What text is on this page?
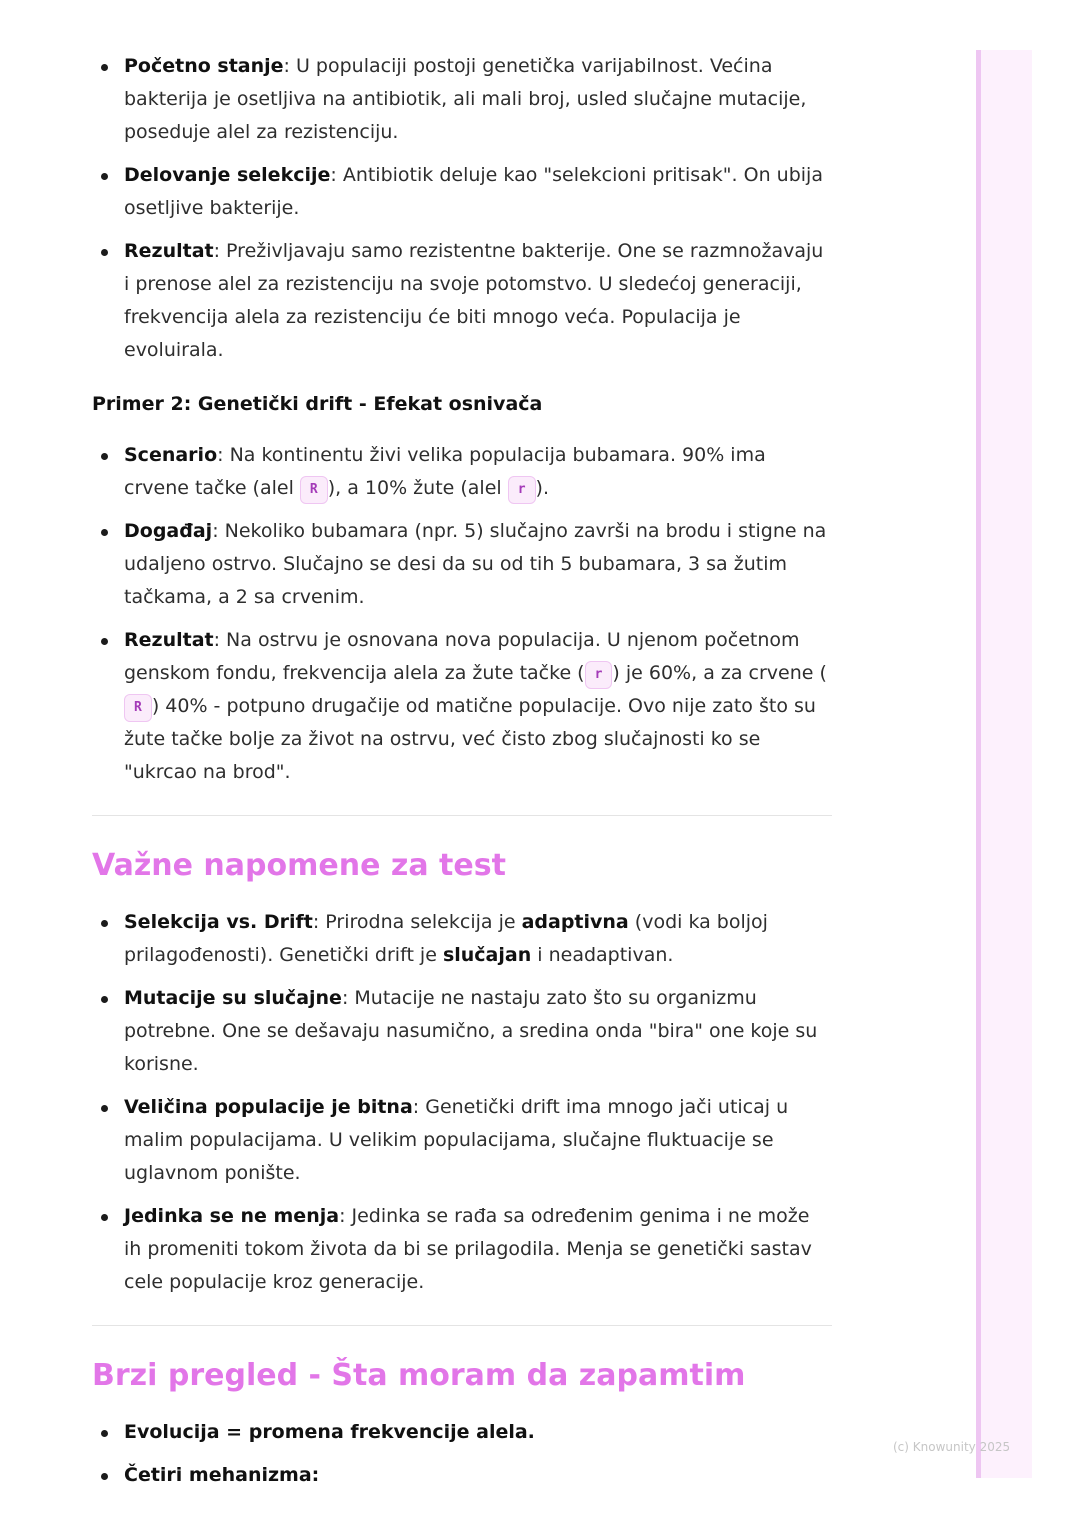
Početno stanje: U populaciji postoji genetička varijabilnost. Većina bakterija je osetljiva na antibiotik, ali mali broj, usled slučajne mutacije, poseduje alel za rezistenciju.
Delovanje selekcije: Antibiotik deluje kao "selekcioni pritisak". On ubija osetljive bakterije.
Rezultat: Preživljavaju samo rezistentne bakterije. One se razmnožavaju i prenose alel za rezistenciju na svoje potomstvo. U sledećoj generaciji, frekvencija alela za rezistenciju će biti mnogo veća. Populacija je evoluirala.
Primer 2: Genetički drift - Efekat osnivača
Scenario: Na kontinentu živi velika populacija bubamara. 90% ima crvene tačke (alel R ), a 10% žute (alel r ).
Događaj: Nekoliko bubamara (npr. 5) slučajno završi na brodu i stigne na udaljeno ostrvo. Slučajno se desi da su od tih 5 bubamara, 3 sa žutim tačkama, a 2 sa crvenim.
Rezultat: Na ostrvu je osnovana nova populacija. U njenom početnom genskom fondu, frekvencija alela za žute tačke ( r ) je 60%, a za crvene (R ) 40% - potpuno drugačije od matične populacije. Ovo nije zato što su žute tačke bolje za život na ostrvu, već čisto zbog slučajnosti ko se "ukrcao na brod".
Važne napomene za test
Selekcija vs. Drift: Prirodna selekcija je adaptivna (vodi ka boljoj prilagođenosti). Genetički drift je slučajan i neadaptivan.
Mutacije su slučajne: Mutacije ne nastaju zato što su organizmu potrebne. One se dešavaju nasumično, a sredina onda "bira" one koje su korisne.
Veličina populacije je bitna: Genetički drift ima mnogo jači uticaj u malim populacijama. U velikim populacijama, slučajne fluktuacije se uglavnom ponište.
Jedinka se ne menja: Jedinka se rađa sa određenim genima i ne može ih promeniti tokom života da bi se prilagodila. Menja se genetički sastav cele populacije kroz generacije.
Brzi pregled - Šta moram da zapamtim
Evolucija = promena frekvencije alela.
Četiri mehanizma:
(c) Knowunity 2025
